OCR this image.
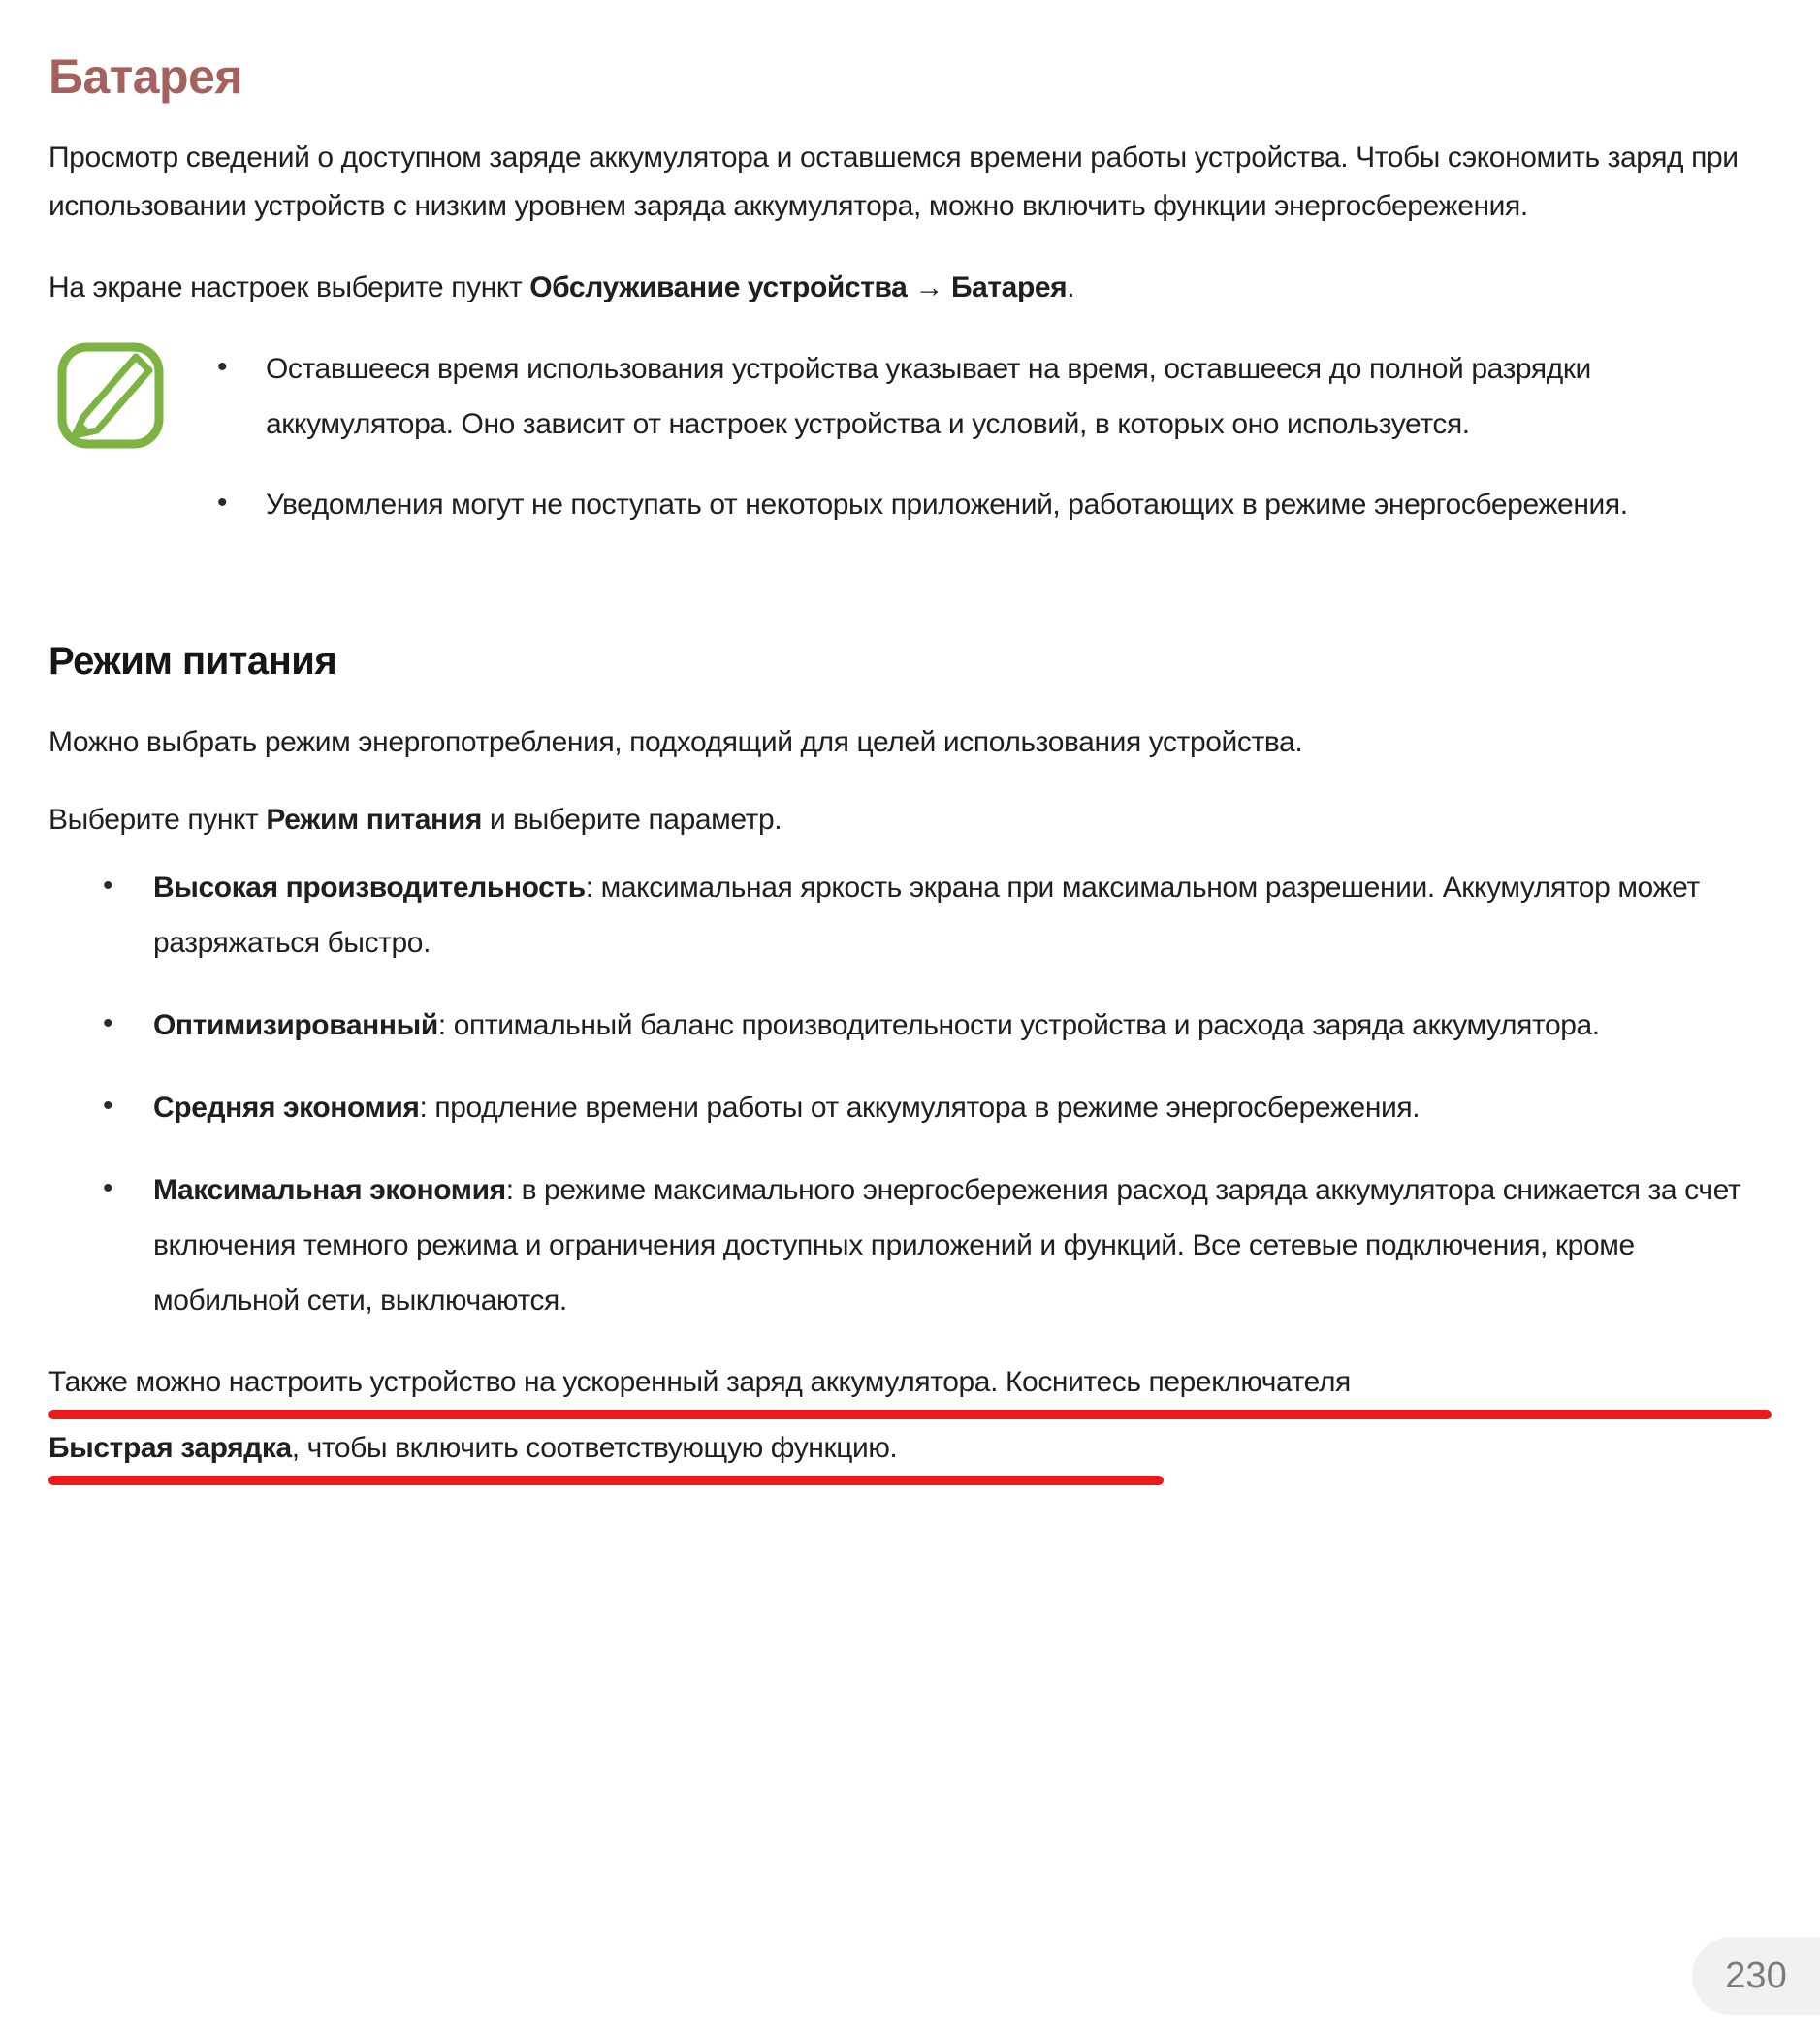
Батарея

Просмотр сведений о доступном заряде аккумулятора и оставшемся времени работы устройства. Чтобы сэкономить заряд при использовании устройств с низким уровнем заряда аккумулятора, можно включить функции энергосбережения.

На экране настроек выберите пункт Обслуживание устройства → Батарея.

• Оставшееся время использования устройства указывает на время, оставшееся до полной разрядки аккумулятора. Оно зависит от настроек устройства и условий, в которых оно используется.
• Уведомления могут не поступать от некоторых приложений, работающих в режиме энергосбережения.
Режим питания

Можно выбрать режим энергопотребления, подходящий для целей использования устройства.

Выберите пункт Режим питания и выберите параметр.

• Высокая производительность: максимальная яркость экрана при максимальном разрешении. Аккумулятор может разряжаться быстро.
• Оптимизированный: оптимальный баланс производительности устройства и расхода заряда аккумулятора.
• Средняя экономия: продление времени работы от аккумулятора в режиме энергосбережения.
• Максимальная экономия: в режиме максимального энергосбережения расход заряда аккумулятора снижается за счет включения темного режима и ограничения доступных приложений и функций. Все сетевые подключения, кроме мобильной сети, выключаются.
Также можно настроить устройство на ускоренный заряд аккумулятора. Коснитесь переключателя
Быстрая зарядка, чтобы включить соответствующую функцию.
230
